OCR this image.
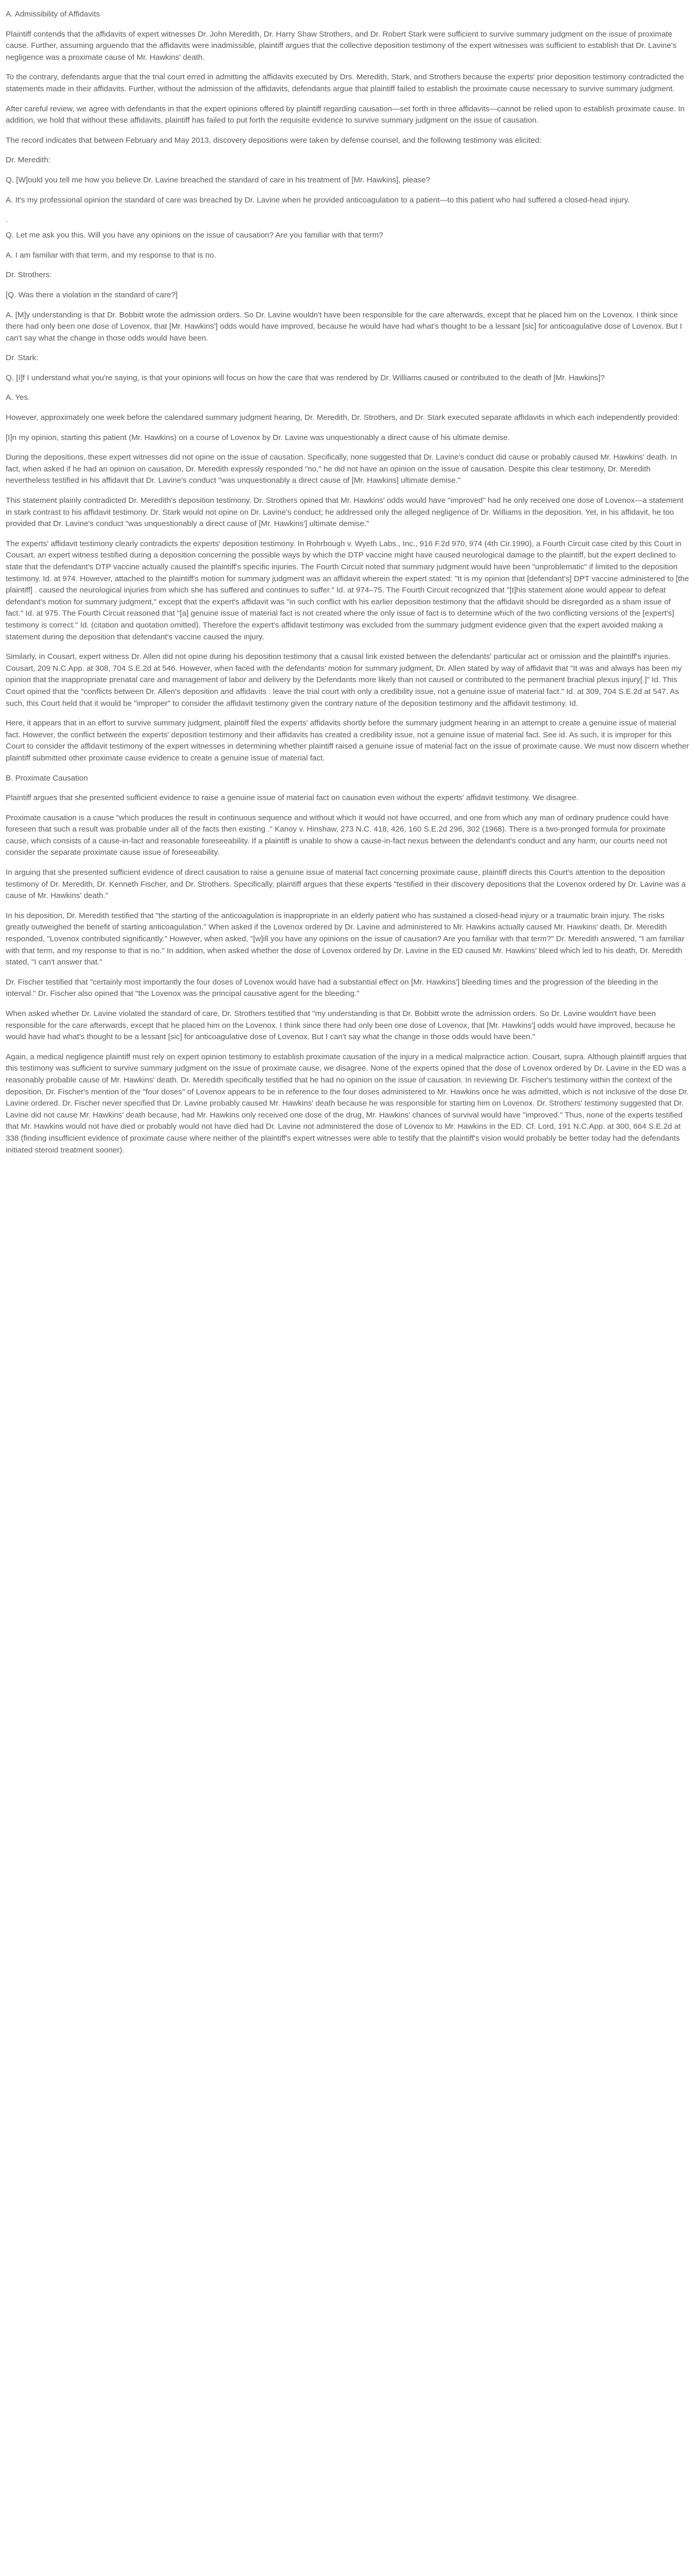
A. Admissibility of Affidavits

Plaintiff contends that the affidavits of expert witnesses Dr. John Meredith, Dr. Harry Shaw Strothers, and Dr. Robert Stark were sufficient to survive summary judgment on the issue of proximate cause. Further, assuming arguendo that the affidavits were inadmissible, plaintiff argues that the collective deposition testimony of the expert witnesses was sufficient to establish that Dr. Lavine's negligence was a proximate cause of Mr. Hawkins' death.

To the contrary, defendants argue that the trial court erred in admitting the affidavits executed by Drs. Meredith, Stark, and Strothers because the experts' prior deposition testimony contradicted the statements made in their affidavits. Further, without the admission of the affidavits, defendants argue that plaintiff failed to establish the proximate cause necessary to survive summary judgment.

After careful review, we agree with defendants in that the expert opinions offered by plaintiff regarding causation—set forth in three affidavits—cannot be relied upon to establish proximate cause. In addition, we hold that without these affidavits, plaintiff has failed to put forth the requisite evidence to survive summary judgment on the issue of causation.

The record indicates that between February and May 2013, discovery depositions were taken by defense counsel, and the following testimony was elicited:

Dr. Meredith:

Q. [W]ould you tell me how you believe Dr. Lavine breached the standard of care in his treatment of [Mr. Hawkins], please?

A. It's my professional opinion the standard of care was breached by Dr. Lavine when he provided anticoagulation to a patient—to this patient who had suffered a closed-head injury.

.

Q. Let me ask you this. Will you have any opinions on the issue of causation? Are you familiar with that term?

A. I am familiar with that term, and my response to that is no.

Dr. Strothers:

[Q. Was there a violation in the standard of care?]

A. [M]y understanding is that Dr. Bobbitt wrote the admission orders. So Dr. Lavine wouldn't have been responsible for the care afterwards, except that he placed him on the Lovenox. I think since there had only been one dose of Lovenox, that [Mr. Hawkins'] odds would have improved, because he would have had what's thought to be a lessant [sic] for anticoagulative dose of Lovenox. But I can't say what the change in those odds would have been.

Dr. Stark:

Q. [I]f I understand what you're saying, is that your opinions will focus on how the care that was rendered by Dr. Williams caused or contributed to the death of [Mr. Hawkins]?

A. Yes.

However, approximately one week before the calendared summary judgment hearing, Dr. Meredith, Dr. Strothers, and Dr. Stark executed separate affidavits in which each independently provided:

[I]n my opinion, starting this patient (Mr. Hawkins) on a course of Lovenox by Dr. Lavine was unquestionably a direct cause of his ultimate demise.

During the depositions, these expert witnesses did not opine on the issue of causation. Specifically, none suggested that Dr. Lavine's conduct did cause or probably caused Mr. Hawkins' death. In fact, when asked if he had an opinion on causation, Dr. Meredith expressly responded "no," he did not have an opinion on the issue of causation. Despite this clear testimony, Dr. Meredith nevertheless testified in his affidavit that Dr. Lavine's conduct "was unquestionably a direct cause of [Mr. Hawkins] ultimate demise."

This statement plainly contradicted Dr. Meredith's deposition testimony. Dr. Strothers opined that Mr. Hawkins' odds would have "improved" had he only received one dose of Lovenox—a statement in stark contrast to his affidavit testimony. Dr. Stark would not opine on Dr. Lavine's conduct; he addressed only the alleged negligence of Dr. Williams in the deposition. Yet, in his affidavit, he too provided that Dr. Lavine's conduct "was unquestionably a direct cause of [Mr. Hawkins'] ultimate demise."

The experts' affidavit testimony clearly contradicts the experts' deposition testimony. In Rohrbough v. Wyeth Labs., Inc., 916 F.2d 970, 974 (4th Cir.1990), a Fourth Circuit case cited by this Court in Cousart, an expert witness testified during a deposition concerning the possible ways by which the DTP vaccine might have caused neurological damage to the plaintiff, but the expert declined to state that the defendant's DTP vaccine actually caused the plaintiff's specific injuries. The Fourth Circuit noted that summary judgment would have been "unproblematic" if limited to the deposition testimony. Id. at 974. However, attached to the plaintiff's motion for summary judgment was an affidavit wherein the expert stated: "It is my opinion that [defendant's] DPT vaccine administered to [the plaintiff] . caused the neurological injuries from which she has suffered and continues to suffer." Id. at 974–75. The Fourth Circuit recognized that "[t]his statement alone would appear to defeat defendant's motion for summary judgment," except that the expert's affidavit was "in such conflict with his earlier deposition testimony that the affidavit should be disregarded as a sham issue of fact." Id. at 975. The Fourth Circuit reasoned that "[a] genuine issue of material fact is not created where the only issue of fact is to determine which of the two conflicting versions of the [expert's] testimony is correct." Id. (citation and quotation omitted). Therefore the expert's affidavit testimony was excluded from the summary judgment evidence given that the expert avoided making a statement during the deposition that defendant's vaccine caused the injury.

Similarly, in Cousart, expert witness Dr. Allen did not opine during his deposition testimony that a causal link existed between the defendants' particular act or omission and the plaintiff's injuries. Cousart, 209 N.C.App. at 308, 704 S.E.2d at 546. However, when faced with the defendants' motion for summary judgment, Dr. Allen stated by way of affidavit that "It was and always has been my opinion that the inappropriate prenatal care and management of labor and delivery by the Defendants more likely than not caused or contributed to the permanent brachial plexus injury[.]" Id. This Court opined that the "conflicts between Dr. Allen's deposition and affidavits . leave the trial court with only a credibility issue, not a genuine issue of material fact." Id. at 309, 704 S.E.2d at 547. As such, this Court held that it would be "improper" to consider the affidavit testimony given the contrary nature of the deposition testimony and the affidavit testimony. Id.

Here, it appears that in an effort to survive summary judgment, plaintiff filed the experts' affidavits shortly before the summary judgment hearing in an attempt to create a genuine issue of material fact. However, the conflict between the experts' deposition testimony and their affidavits has created a credibility issue, not a genuine issue of material fact. See id. As such, it is improper for this Court to consider the affidavit testimony of the expert witnesses in determining whether plaintiff raised a genuine issue of material fact on the issue of proximate cause. We must now discern whether plaintiff submitted other proximate cause evidence to create a genuine issue of material fact.

B. Proximate Causation

Plaintiff argues that she presented sufficient evidence to raise a genuine issue of material fact on causation even without the experts' affidavit testimony. We disagree.

Proximate causation is a cause "which produces the result in continuous sequence and without which it would not have occurred, and one from which any man of ordinary prudence could have foreseen that such a result was probable under all of the facts then existing ." Kanoy v. Hinshaw, 273 N.C. 418, 426, 160 S.E.2d 296, 302 (1968). There is a two-pronged formula for proximate cause, which consists of a cause-in-fact and reasonable foreseeability. If a plaintiff is unable to show a cause-in-fact nexus between the defendant's conduct and any harm, our courts need not consider the separate proximate cause issue of foreseeability.

In arguing that she presented sufficient evidence of direct causation to raise a genuine issue of material fact concerning proximate cause, plaintiff directs this Court's attention to the deposition testimony of Dr. Meredith, Dr. Kenneth Fischer, and Dr. Strothers. Specifically, plaintiff argues that these experts "testified in their discovery depositions that the Lovenox ordered by Dr. Lavine was a cause of Mr. Hawkins' death."

In his deposition, Dr. Meredith testified that "the starting of the anticoagulation is inappropriate in an elderly patient who has sustained a closed-head injury or a traumatic brain injury. The risks greatly outweighed the benefit of starting anticoagulation." When asked if the Lovenox ordered by Dr. Lavine and administered to Mr. Hawkins actually caused Mr. Hawkins' death, Dr. Meredith responded, "Lovenox contributed significantly." However, when asked, "[w]ill you have any opinions on the issue of causation? Are you familiar with that term?" Dr. Meredith answered, "I am familiar with that term, and my response to that is no." In addition, when asked whether the dose of Lovenox ordered by Dr. Lavine in the ED caused Mr. Hawkins' bleed which led to his death, Dr. Meredith stated, "I can't answer that."

Dr. Fischer testified that "certainly most importantly the four doses of Lovenox would have had a substantial effect on [Mr. Hawkins'] bleeding times and the progression of the bleeding in the interval." Dr. Fischer also opined that "the Lovenox was the principal causative agent for the bleeding."

When asked whether Dr. Lavine violated the standard of care, Dr. Strothers testified that "my understanding is that Dr. Bobbitt wrote the admission orders. So Dr. Lavine wouldn't have been responsible for the care afterwards, except that he placed him on the Lovenox. I think since there had only been one dose of Lovenox, that [Mr. Hawkins'] odds would have improved, because he would have had what's thought to be a lessant [sic] for anticoagulative dose of Lovenox. But I can't say what the change in those odds would have been."

Again, a medical negligence plaintiff must rely on expert opinion testimony to establish proximate causation of the injury in a medical malpractice action. Cousart, supra. Although plaintiff argues that this testimony was sufficient to survive summary judgment on the issue of proximate cause, we disagree. None of the experts opined that the dose of Lovenox ordered by Dr. Lavine in the ED was a reasonably probable cause of Mr. Hawkins' death. Dr. Meredith specifically testified that he had no opinion on the issue of causation. In reviewing Dr. Fischer's testimony within the context of the deposition, Dr. Fischer's mention of the "four doses" of Lovenox appears to be in reference to the four doses administered to Mr. Hawkins once he was admitted, which is not inclusive of the dose Dr. Lavine ordered. Dr. Fischer never specified that Dr. Lavine probably caused Mr. Hawkins' death because he was responsible for starting him on Lovenox. Dr. Strothers' testimony suggested that Dr. Lavine did not cause Mr. Hawkins' death because, had Mr. Hawkins only received one dose of the drug, Mr. Hawkins' chances of survival would have "improved." Thus, none of the experts testified that Mr. Hawkins would not have died or probably would not have died had Dr. Lavine not administered the dose of Lovenox to Mr. Hawkins in the ED. Cf. Lord, 191 N.C.App. at 300, 664 S.E.2d at 338 (finding insufficient evidence of proximate cause where neither of the plaintiff's expert witnesses were able to testify that the plaintiff's vision would probably be better today had the defendants initiated steroid treatment sooner).
